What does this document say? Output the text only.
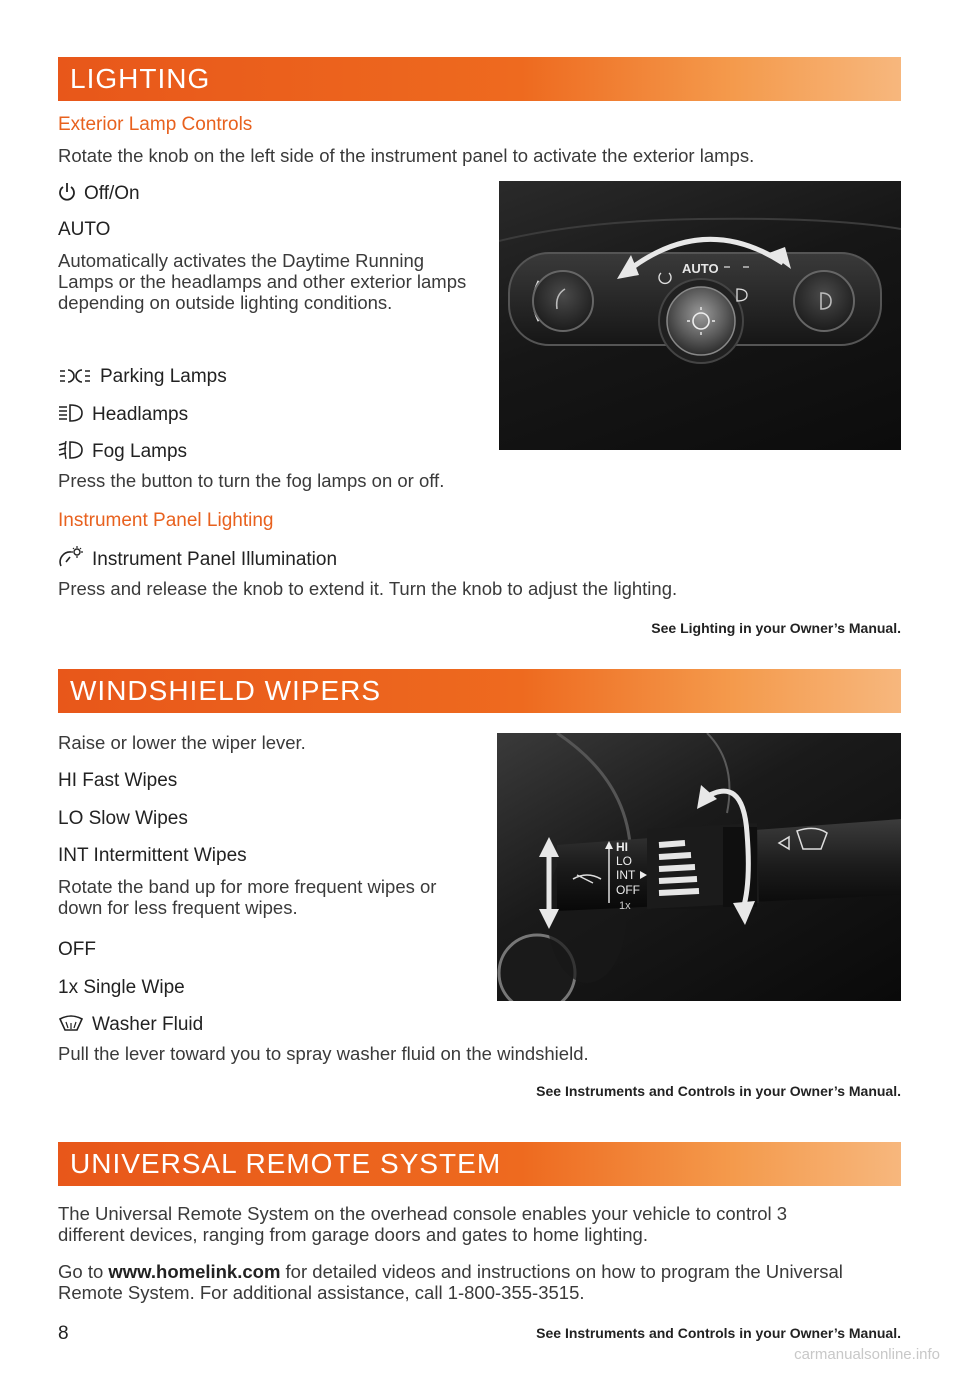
LIGHTING
Exterior Lamp Controls
Rotate the knob on the left side of the instrument panel to activate the exterior lamps.
Off/On
AUTO
Automatically activates the Daytime Running Lamps or the headlamps and other exterior lamps depending on outside lighting conditions.
Parking Lamps
Headlamps
Fog Lamps
Press the button to turn the fog lamps on or off.
Instrument Panel Lighting
Instrument Panel Illumination
Press and release the knob to extend it. Turn the knob to adjust the lighting.
See Lighting in your Owner’s Manual.
AUTO
WINDSHIELD WIPERS
Raise or lower the wiper lever.
HI Fast Wipes
LO Slow Wipes
INT Intermittent Wipes
Rotate the band up for more frequent wipes or down for less frequent wipes.
OFF
1x Single Wipe
Washer Fluid
Pull the lever toward you to spray washer fluid on the windshield.
See Instruments and Controls in your Owner’s Manual.
HI
LO
INT
OFF
1x
UNIVERSAL REMOTE SYSTEM
The Universal Remote System on the overhead console enables your vehicle to control 3 different devices, ranging from garage doors and gates to home lighting.
Go to www.homelink.com for detailed videos and instructions on how to program the Universal Remote System. For additional assistance, call 1-800-355-3515.
8	See Instruments and Controls in your Owner’s Manual.
carmanualsonline.info
